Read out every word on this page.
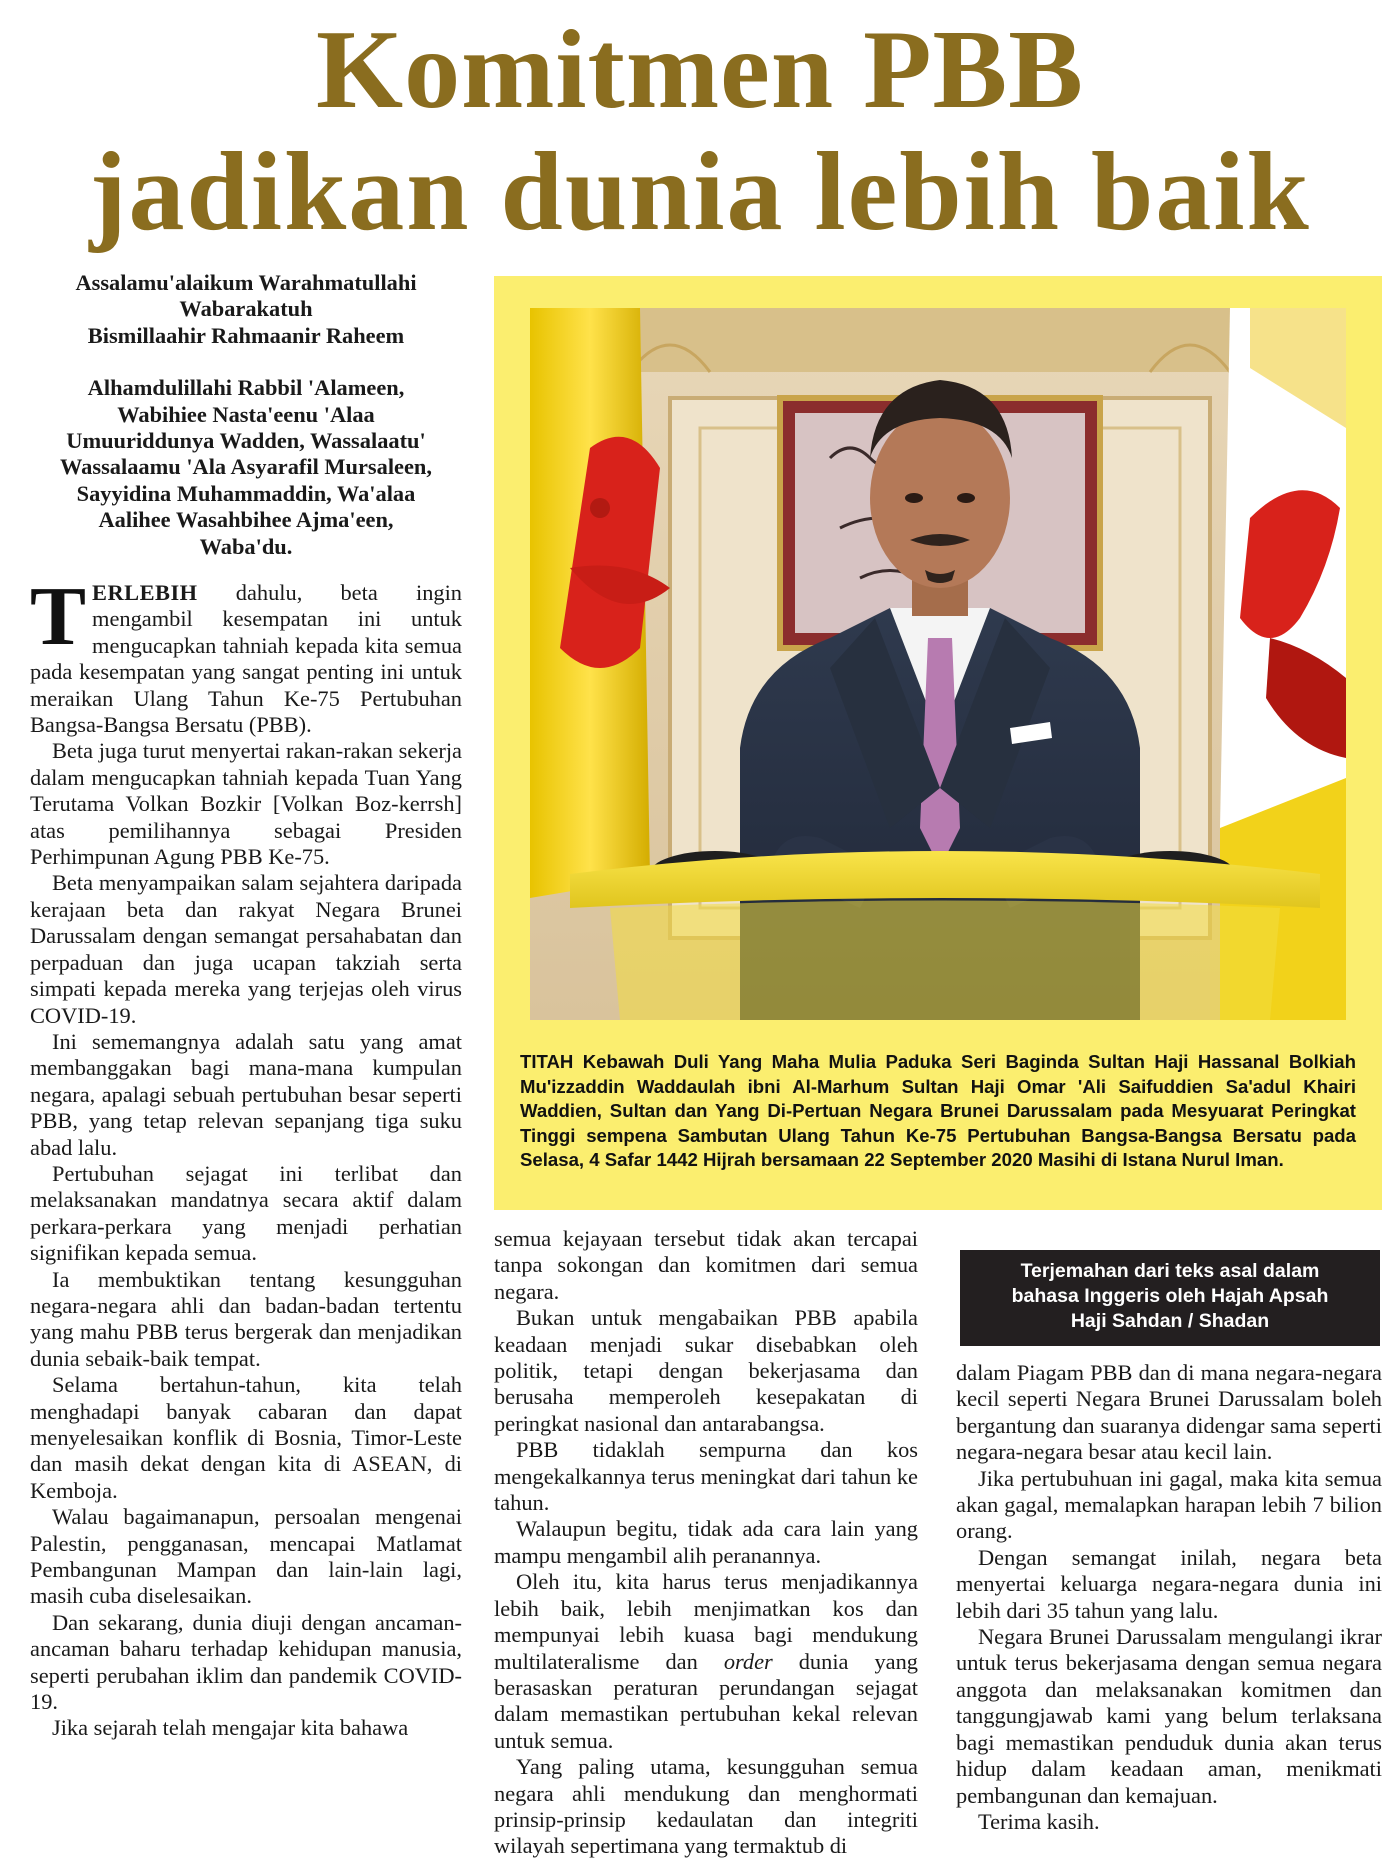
Komitmen PBB
jadikan dunia lebih baik

Assalamu'alaikum Warahmatullahi

Wabarakatuh

Bismillaahir Rahmaanir Raheem

Alhamdulillahi Rabbil 'Alameen,

Wabihiee Nasta'eenu 'Alaa

Umuuriddunya Wadden, Wassalaatu'

Wassalaamu 'Ala Asyarafil Mursaleen,

Sayyidina Muhammaddin, Wa'alaa

Aalihee Wasahbihee Ajma'een,

Waba'du.

TERLEBIH dahulu, beta ingin mengambil kesempatan ini untuk mengucapkan tahniah kepada kita semua pada kesempatan yang sangat penting ini untuk meraikan Ulang Tahun Ke-75 Pertubuhan Bangsa-Bangsa Bersatu (PBB).

Beta juga turut menyertai rakan-rakan sekerja dalam mengucapkan tahniah kepada Tuan Yang Terutama Volkan Bozkir [Volkan Boz-kerrsh] atas pemilihannya sebagai Presiden Perhimpunan Agung PBB Ke-75.

Beta menyampaikan salam sejahtera daripada kerajaan beta dan rakyat Negara Brunei Darussalam dengan semangat persahabatan dan perpaduan dan juga ucapan takziah serta simpati kepada mereka yang terjejas oleh virus COVID-19.

Ini sememangnya adalah satu yang amat membanggakan bagi mana-mana kumpulan negara, apalagi sebuah pertubuhan besar seperti PBB, yang tetap relevan sepanjang tiga suku abad lalu.

Pertubuhan sejagat ini terlibat dan melaksanakan mandatnya secara aktif dalam perkara-perkara yang menjadi perhatian signifikan kepada semua.

Ia membuktikan tentang kesungguhan negara-negara ahli dan badan-badan tertentu yang mahu PBB terus bergerak dan menjadikan dunia sebaik-baik tempat.

Selama bertahun-tahun, kita telah menghadapi banyak cabaran dan dapat menyelesaikan konflik di Bosnia, Timor-Leste dan masih dekat dengan kita di ASEAN, di Kemboja.

Walau bagaimanapun, persoalan mengenai Palestin, pengganasan, mencapai Matlamat Pembangunan Mampan dan lain-lain lagi, masih cuba diselesaikan.

Dan sekarang, dunia diuji dengan ancaman-ancaman baharu terhadap kehidupan manusia, seperti perubahan iklim dan pandemik COVID-19.

Jika sejarah telah mengajar kita bahawa

TITAH Kebawah Duli Yang Maha Mulia Paduka Seri Baginda Sultan Haji Hassanal Bolkiah Mu'izzaddin Waddaulah ibni Al-Marhum Sultan Haji Omar 'Ali Saifuddien Sa'adul Khairi Waddien, Sultan dan Yang Di-Pertuan Negara Brunei Darussalam pada Mesyuarat Peringkat Tinggi sempena Sambutan Ulang Tahun Ke-75 Pertubuhan Bangsa-Bangsa Bersatu pada Selasa, 4 Safar 1442 Hijrah bersamaan 22 September 2020 Masihi di Istana Nurul Iman.

semua kejayaan tersebut tidak akan tercapai tanpa sokongan dan komitmen dari semua negara.

Bukan untuk mengabaikan PBB apabila keadaan menjadi sukar disebabkan oleh politik, tetapi dengan bekerjasama dan berusaha memperoleh kesepakatan di peringkat nasional dan antarabangsa.

PBB tidaklah sempurna dan kos mengekalkannya terus meningkat dari tahun ke tahun.

Walaupun begitu, tidak ada cara lain yang mampu mengambil alih peranannya.

Oleh itu, kita harus terus menjadikannya lebih baik, lebih menjimatkan kos dan mempunyai lebih kuasa bagi mendukung multilateralisme dan order dunia yang berasaskan peraturan perundangan sejagat dalam memastikan pertubuhan kekal relevan untuk semua.

Yang paling utama, kesungguhan semua negara ahli mendukung dan menghormati prinsip-prinsip kedaulatan dan integriti wilayah sepertimana yang termaktub di

Terjemahan dari teks asal dalam
bahasa Inggeris oleh Hajah Apsah
Haji Sahdan / Shadan

dalam Piagam PBB dan di mana negara-negara kecil seperti Negara Brunei Darussalam boleh bergantung dan suaranya didengar sama seperti negara-negara besar atau kecil lain.

Jika pertubuhuan ini gagal, maka kita semua akan gagal, memalapkan harapan lebih 7 bilion orang.

Dengan semangat inilah, negara beta menyertai keluarga negara-negara dunia ini lebih dari 35 tahun yang lalu.

Negara Brunei Darussalam mengulangi ikrar untuk terus bekerjasama dengan semua negara anggota dan melaksanakan komitmen dan tanggungjawab kami yang belum terlaksana bagi memastikan penduduk dunia akan terus hidup dalam keadaan aman, menikmati pembangunan dan kemajuan.

Terima kasih.
